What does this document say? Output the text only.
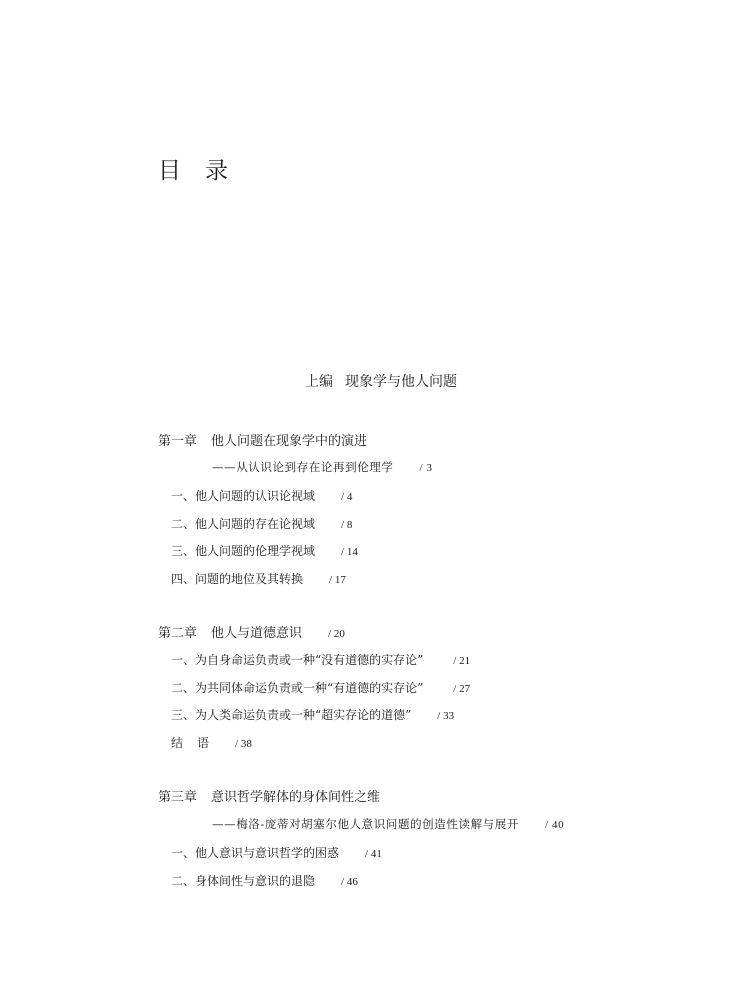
目 录
上编 现象学与他人问题
第一章 他人问题在现象学中的演进
——从认识论到存在论再到伦理学 / 3
一、他人问题的认识论视域 / 4
二、他人问题的存在论视域 / 8
三、他人问题的伦理学视域 / 14
四、问题的地位及其转换 / 17
第二章 他人与道德意识 / 20
一、为自身命运负责或一种“没有道德的实存论”	/ 21
二、为共同体命运负责或一种“有道德的实存论”	/ 27
三、为人类命运负责或一种“超实存论的道德” / 33
结 语 / 38
第三章 意识哲学解体的身体间性之维
——梅洛-庞蒂对胡塞尔他人意识问题的创造性读解与展开 / 40
一、他人意识与意识哲学的困惑 / 41
二、身体间性与意识的退隐 / 46
